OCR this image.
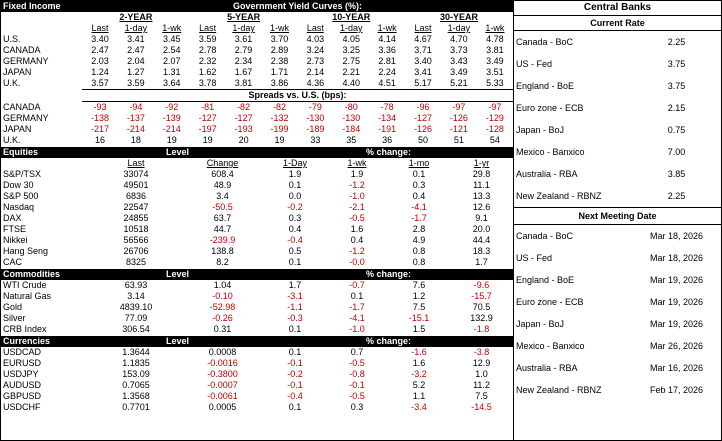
Fixed Income	Government Yield Curves (%):											
	2-YEAR			5-YEAR			10-YEAR			30-YEAR		
	Last	1-day	1-wk	Last	1-day	1-wk	Last	1-day	1-wk	Last	1-day	1-wk
U.S.	3.40	3.41	3.45	3.59	3.61	3.70	4.03	4.05	4.14	4.67	4.70	4.78
CANADA	2.47	2.47	2.54	2.78	2.79	2.89	3.24	3.25	3.36	3.71	3.73	3.81
GERMANY	2.03	2.04	2.07	2.32	2.34	2.38	2.73	2.75	2.81	3.40	3.43	3.49
JAPAN	1.24	1.27	1.31	1.62	1.67	1.71	2.14	2.21	2.24	3.41	3.49	3.51
U.K.	3.57	3.59	3.64	3.78	3.81	3.86	4.36	4.40	4.51	5.17	5.21	5.33
	Spreads vs. U.S. (bps):											
CANADA	-93	-94	-92	-81	-82	-82	-79	-80	-78	-96	-97	-97
GERMANY	-138	-137	-139	-127	-127	-132	-130	-130	-134	-127	-126	-129
JAPAN	-217	-214	-214	-197	-193	-199	-189	-184	-191	-126	-121	-128
U.K.	16	18	19	19	20	19	33	35	36	50	51	54
Equities	Level		% change:			
	Last	Change	1-Day	1-wk	1-mo	1-yr
S&P/TSX	33074	608.4	1.9	1.9	0.1	29.8
Dow 30	49501	48.9	0.1	-1.2	0.3	11.1
S&P 500	6836	3.4	0.0	-1.0	0.4	13.3
Nasdaq	22547	-50.5	-0.2	-2.1	-4.1	12.6
DAX	24855	63.7	0.3	-0.5	-1.7	9.1
FTSE	10518	44.7	0.4	1.6	2.8	20.0
Nikkei	56566	-239.9	-0.4	0.4	4.9	44.4
Hang Seng	26706	138.8	0.5	-1.2	0.8	18.3
CAC	8325	8.2	0.1	-0.0	0.8	1.7
Commodities	Level		% change:			
WTI Crude	63.93	1.04	1.7	-0.7	7.6	-9.6
Natural Gas	3.14	-0.10	-3.1	0.1	1.2	-15.7
Gold	4839.10	-52.98	-1.1	-1.7	7.5	70.5
Silver	77.09	-0.26	-0.3	-4.1	-15.1	132.9
CRB Index	306.54	0.31	0.1	-1.0	1.5	-1.8
Currencies	Level		% change:			
USDCAD	1.3644	0.0008	0.1	0.7	-1.6	-3.8
EURUSD	1.1835	-0.0016	-0.1	-0.5	1.6	12.9
USDJPY	153.09	-0.3800	-0.2	-0.8	-3.2	1.0
AUDUSD	0.7065	-0.0007	-0.1	-0.1	5.2	11.2
GBPUSD	1.3568	-0.0061	-0.4	-0.5	1.1	7.5
USDCHF	0.7701	0.0005	0.1	0.3	-3.4	-14.5
Central Banks	
Current Rate	
Canada - BoC	2.25
US - Fed	3.75
England - BoE	3.75
Euro zone - ECB	2.15
Japan - BoJ	0.75
Mexico - Banxico	7.00
Australia - RBA	3.85
New Zealand - RBNZ	2.25
Next Meeting Date	
Canada - BoC	Mar 18, 2026
US - Fed	Mar 18, 2026
England - BoE	Mar 19, 2026
Euro zone - ECB	Mar 19, 2026
Japan - BoJ	Mar 19, 2026
Mexico - Banxico	Mar 26, 2026
Australia - RBA	Mar 16, 2026
New Zealand - RBNZ	Feb 17, 2026
